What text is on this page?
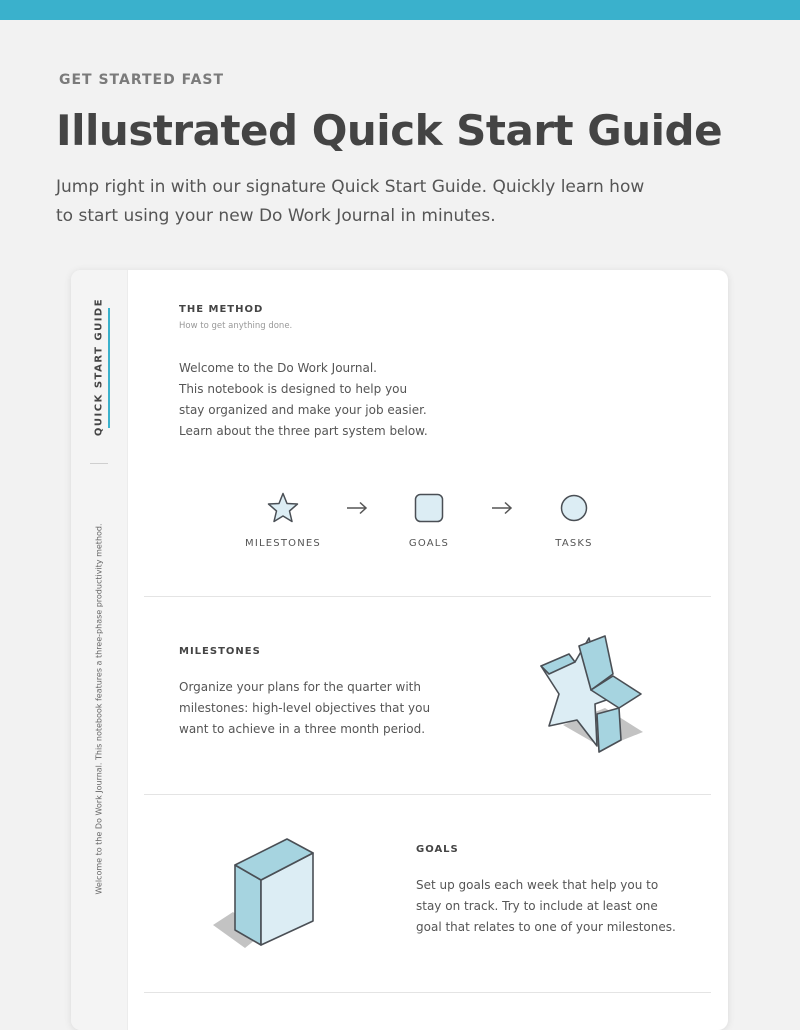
GET STARTED FAST
Illustrated Quick Start Guide
Jump right in with our signature Quick Start Guide. Quickly learn how to start using your new Do Work Journal in minutes.
QUICK START GUIDE
Welcome to the Do Work Journal. This notebook features a three-phase productivity method.
THE METHOD
How to get anything done.
Welcome to the Do Work Journal.
This notebook is designed to help you
stay organized and make your job easier.
Learn about the three part system below.
MILESTONES	GOALS	TASKS
MILESTONES
Organize your plans for the quarter with
milestones: high-level objectives that you
want to achieve in a three month period.
GOALS
Set up goals each week that help you to
stay on track. Try to include at least one
goal that relates to one of your milestones.
